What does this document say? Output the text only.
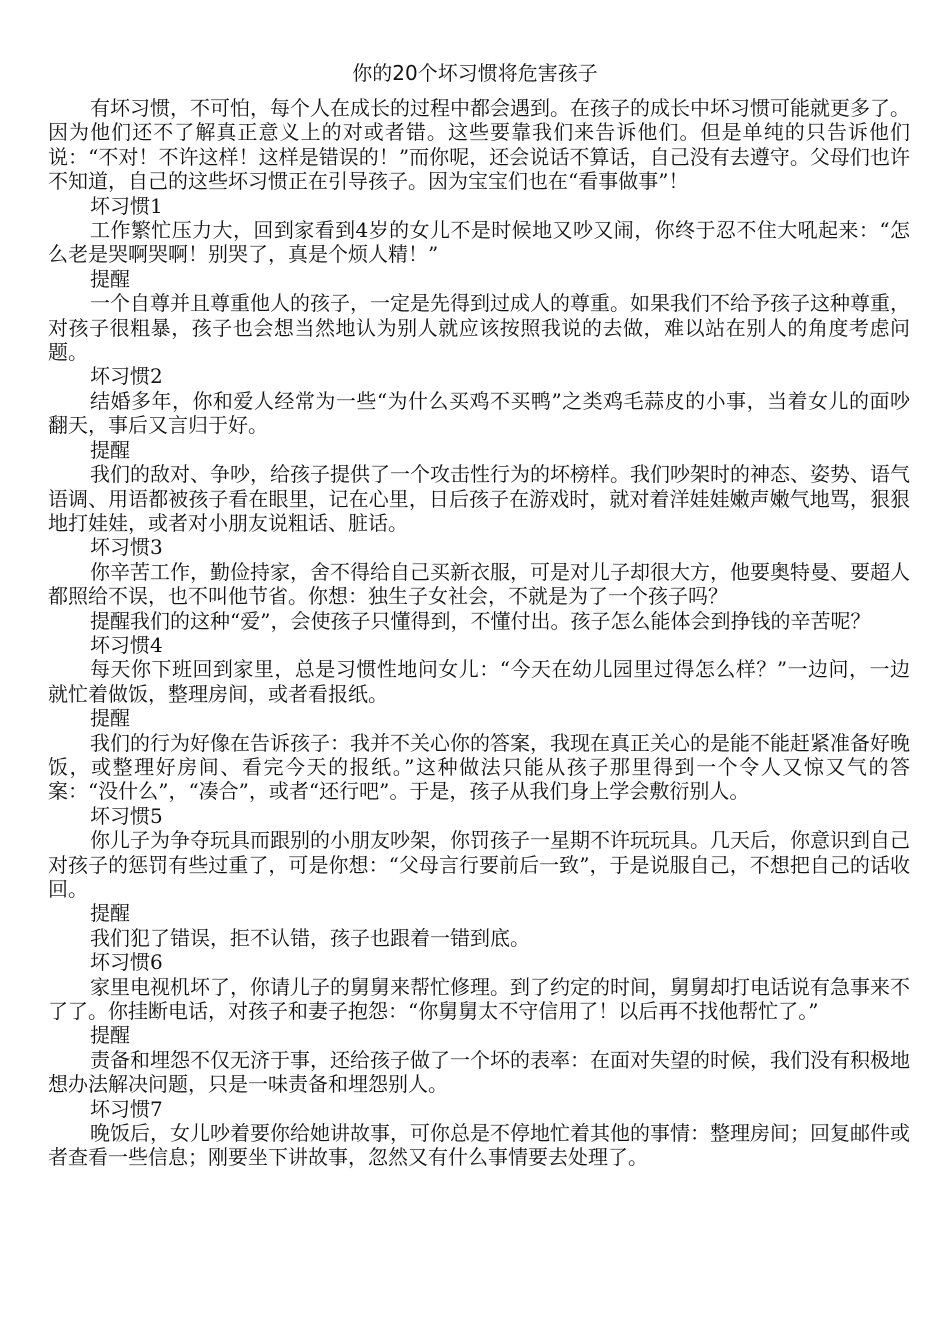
你的20个坏习惯将危害孩子

有坏习惯，不可怕，每个人在成长的过程中都会遇到。在孩子的成长中坏习惯可能就更多了。因为他们还不了解真正意义上的对或者错。这些要靠我们来告诉他们。但是单纯的只告诉他们说：“不对！不许这样！这样是错误的！”而你呢，还会说话不算话，自己没有去遵守。父母们也许不知道，自己的这些坏习惯正在引导孩子。因为宝宝们也在“看事做事”！

坏习惯1

工作繁忙压力大，回到家看到4岁的女儿不是时候地又吵又闹，你终于忍不住大吼起来：“怎么老是哭啊哭啊！别哭了，真是个烦人精！”

提醒

一个自尊并且尊重他人的孩子，一定是先得到过成人的尊重。如果我们不给予孩子这种尊重，对孩子很粗暴，孩子也会想当然地认为别人就应该按照我说的去做，难以站在别人的角度考虑问题。

坏习惯2

结婚多年，你和爱人经常为一些“为什么买鸡不买鸭”之类鸡毛蒜皮的小事，当着女儿的面吵翻天，事后又言归于好。

提醒

我们的敌对、争吵，给孩子提供了一个攻击性行为的坏榜样。我们吵架时的神态、姿势、语气语调、用语都被孩子看在眼里，记在心里，日后孩子在游戏时，就对着洋娃娃嫩声嫩气地骂，狠狠地打娃娃，或者对小朋友说粗话、脏话。

坏习惯3

你辛苦工作，勤俭持家，舍不得给自己买新衣服，可是对儿子却很大方，他要奥特曼、要超人都照给不误，也不叫他节省。你想：独生子女社会，不就是为了一个孩子吗？

提醒我们的这种“爱”，会使孩子只懂得到，不懂付出。孩子怎么能体会到挣钱的辛苦呢？

坏习惯4

每天你下班回到家里，总是习惯性地问女儿：“今天在幼儿园里过得怎么样？”一边问，一边就忙着做饭，整理房间，或者看报纸。

提醒

我们的行为好像在告诉孩子：我并不关心你的答案，我现在真正关心的是能不能赶紧准备好晚饭，或整理好房间、看完今天的报纸。”这种做法只能从孩子那里得到一个令人又惊又气的答案：“没什么”，“凑合”，或者“还行吧”。于是，孩子从我们身上学会敷衍别人。

坏习惯5

你儿子为争夺玩具而跟别的小朋友吵架，你罚孩子一星期不许玩玩具。几天后，你意识到自己对孩子的惩罚有些过重了，可是你想：“父母言行要前后一致”，于是说服自己，不想把自己的话收回。

提醒

我们犯了错误，拒不认错，孩子也跟着一错到底。

坏习惯6

家里电视机坏了，你请儿子的舅舅来帮忙修理。到了约定的时间，舅舅却打电话说有急事来不了了。你挂断电话，对孩子和妻子抱怨：“你舅舅太不守信用了！以后再不找他帮忙了。”

提醒

责备和埋怨不仅无济于事，还给孩子做了一个坏的表率：在面对失望的时候，我们没有积极地想办法解决问题，只是一味责备和埋怨别人。

坏习惯7

晚饭后，女儿吵着要你给她讲故事，可你总是不停地忙着其他的事情：整理房间；回复邮件或者查看一些信息；刚要坐下讲故事，忽然又有什么事情要去处理了。
